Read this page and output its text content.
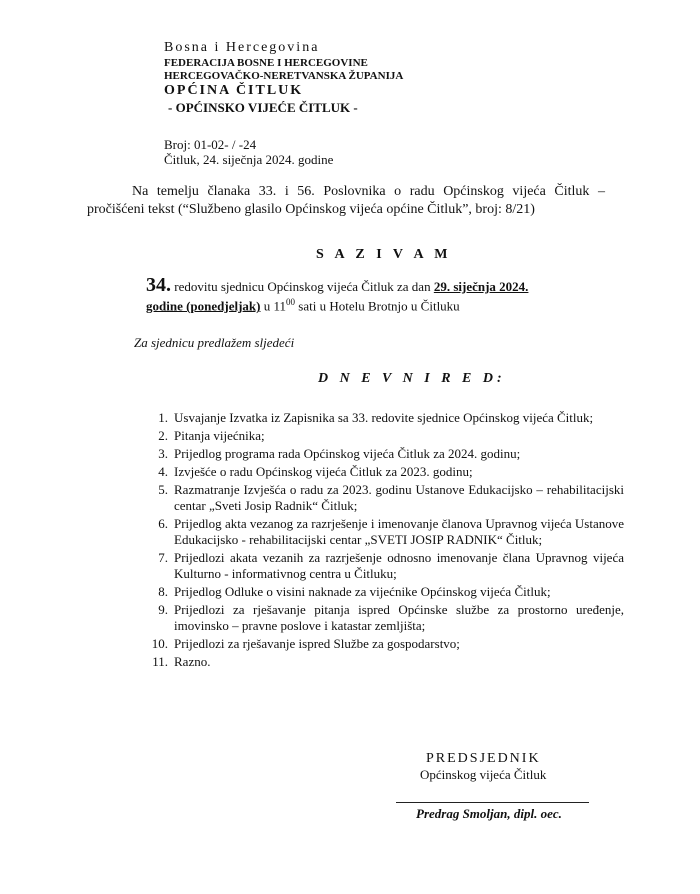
Bosna i Hercegovina
FEDERACIJA BOSNE I HERCEGOVINE
HERCEGOVAČKO-NERETVANSKA ŽUPANIJA
OPĆINA ČITLUK
- OPĆINSKO VIJEĆE ČITLUK -
Broj: 01-02- / -24
Čitluk, 24. siječnja 2024. godine
Na temelju članaka 33. i 56. Poslovnika o radu Općinskog vijeća Čitluk –
pročišćeni tekst (“Službeno glasilo Općinskog vijeća općine Čitluk”, broj: 8/21)
S A Z I V A M
34. redovitu sjednicu Općinskog vijeća Čitluk za dan 29. siječnja 2024.
godine (ponedjeljak) u $11^{00}$ sati u Hotelu Brotnjo u Čitluku
Za sjednicu predlažem sljedeći
D N E V N I R E D:
1. Usvajanje Izvatka iz Zapisnika sa 33. redovite sjednice Općinskog vijeća Čitluk;
2. Pitanja vijećnika;
3. Prijedlog programa rada Općinskog vijeća Čitluk za 2024. godinu;
4. Izvješće o radu Općinskog vijeća Čitluk za 2023. godinu;
5. Razmatranje Izvješća o radu za 2023. godinu Ustanove Edukacijsko – rehabilitacijski centar „Sveti Josip Radnik“ Čitluk;
6. Prijedlog akta vezanog za razrješenje i imenovanje članova Upravnog vijeća Ustanove Edukacijsko - rehabilitacijski centar „SVETI JOSIP RADNIK“ Čitluk;
7. Prijedlozi akata vezanih za razrješenje odnosno imenovanje člana Upravnog vijeća Kulturno - informativnog centra u Čitluku;
8. Prijedlog Odluke o visini naknade za vijećnike Općinskog vijeća Čitluk;
9. Prijedlozi za rješavanje pitanja ispred Općinske službe za prostorno uređenje, imovinsko – pravne poslove i katastar zemljišta;
10. Prijedlozi za rješavanje ispred Službe za gospodarstvo;
11. Razno.
PREDSJEDNIK
Općinskog vijeća Čitluk
Predrag Smoljan, dipl. oec.
